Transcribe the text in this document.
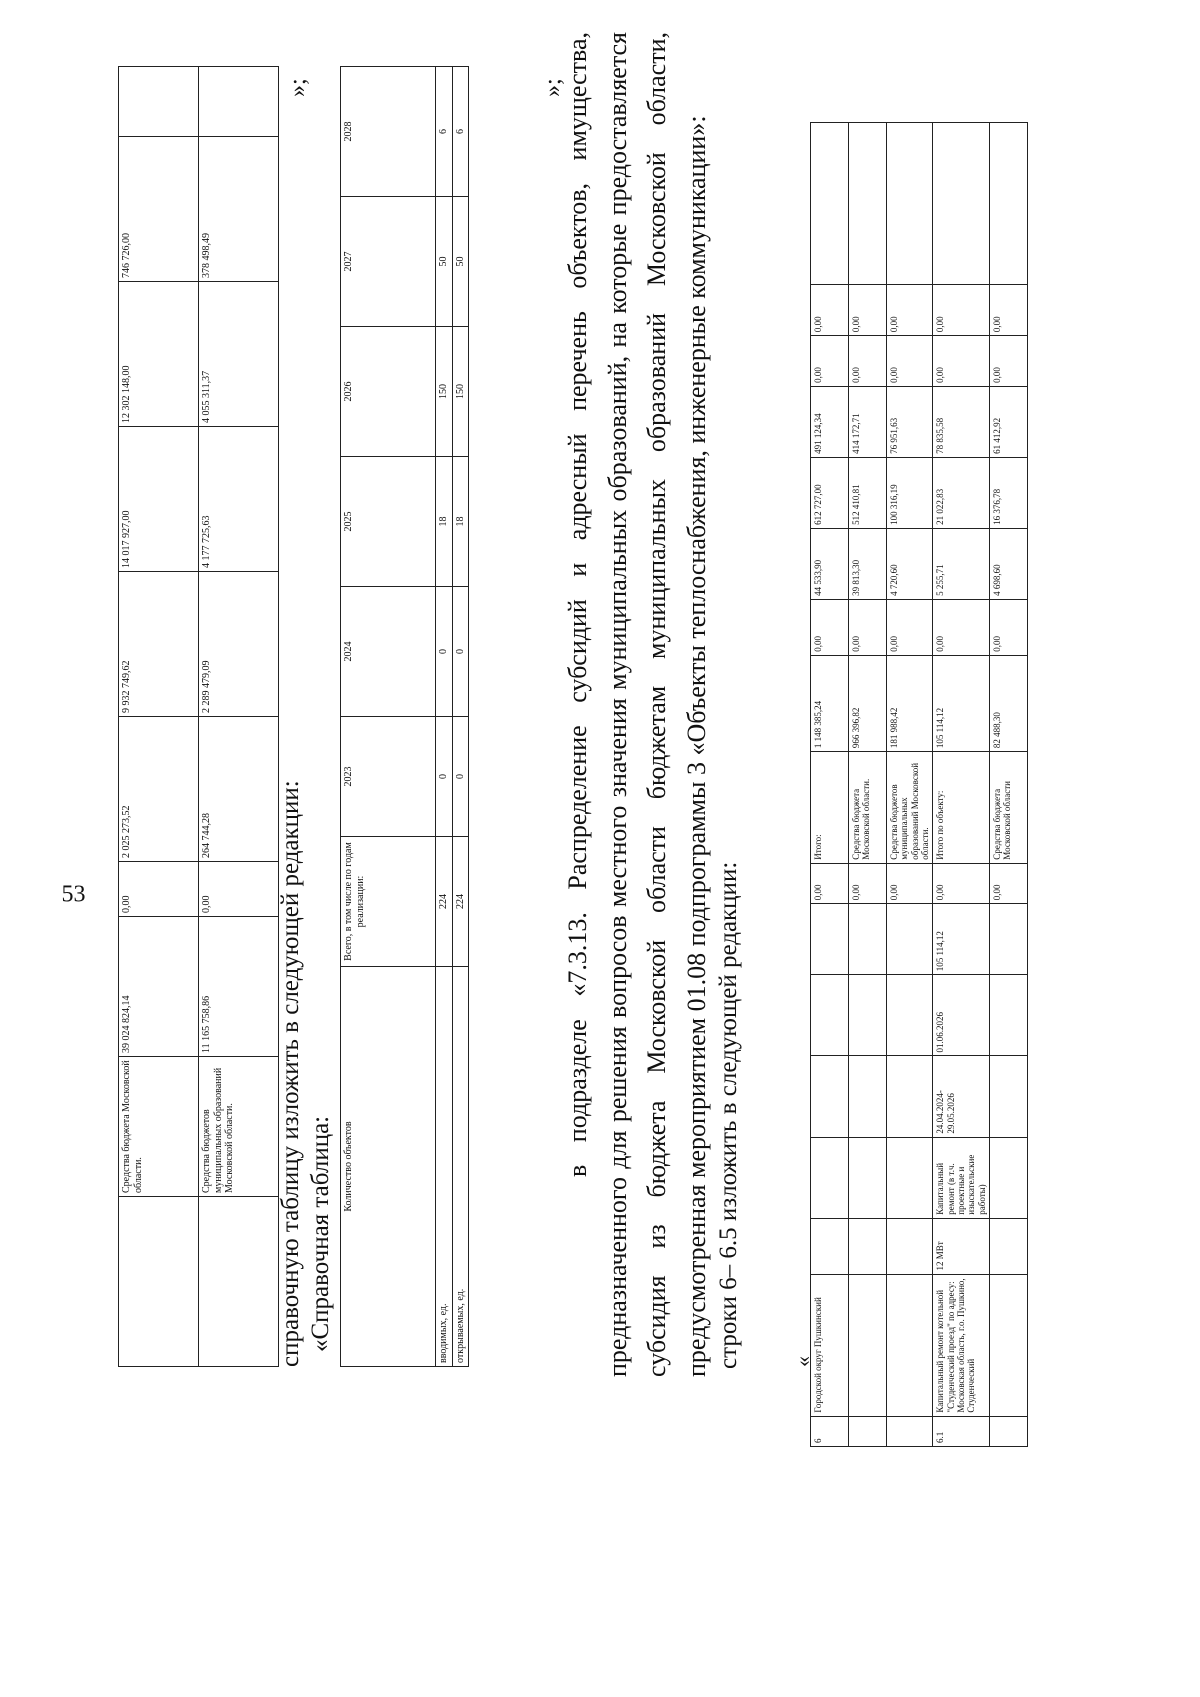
53
	Средства бюджета Московской области.	39 024 824,14	0,00	2 025 273,52	9 932 749,62	14 017 927,00	12 302 148,00	746 726,00	
	Средства бюджетов муниципальных образований Московской области.	11 165 758,86	0,00	264 744,28	2 289 479,09	4 177 725,63	4 055 311,37	378 498,49	
»;
справочную таблицу изложить в следующей редакции: «Справочная таблица: Количество объектов	Всего, в том числе по годам реализации:	2023	2024	2025	2026	2027	2028
вводимых, ед.	224	0	0	18	150	50	6
открываемых, ед.	224	0	0	18	150	50	6
»;
в подразделе «7.3.13. Распределение субсидий и адресный перечень объектов, имущества, предназначенного для решения вопросов местного значения муниципальных образований, на которые предоставляется субсидия из бюджета Московской области бюджетам муниципальных образований Московской области, предусмотренная мероприятием 01.08 подпрограммы 3 «Объекты теплоснабжения, инженерные коммуникации»: строки 6– 6.5 изложить в следующей редакции: «
6	Городской округ Пушкинский						0,00	Итого:	1 148 385,24	0,00	44 533,90	612 727,00	491 124,34	0,00	0,00	
							0,00	Средства бюджета Московской области.	966 396,82	0,00	39 813,30	512 410,81	414 172,71	0,00	0,00	
							0,00	Средства бюджетов муниципальных образований Московской области.	181 988,42	0,00	4 720,60	100 316,19	76 951,63	0,00	0,00	
6.1	Капитальный ремонт котельной "Студенческий проезд" по адресу: Московская область, г.о. Пушкино, Студенческий	12 МВт	Капитальный ремонт (в т.ч. проектные и изыскательские работы)	24.04.2024-29.05.2026	01.06.2026	105 114,12	0,00	Итого по объекту:	105 114,12	0,00	5 255,71	21 022,83	78 835,58	0,00	0,00	
							0,00	Средства бюджета Московской области	82 488,30	0,00	4 698,60	16 376,78	61 412,92	0,00	0,00	
